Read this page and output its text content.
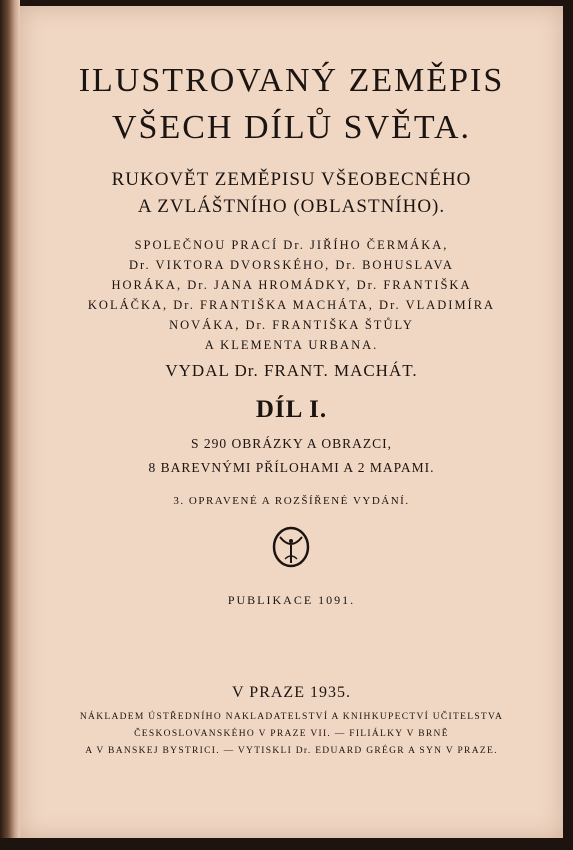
ILUSTROVANÝ ZEMĚPIS
VŠECH DÍLŮ SVĚTA.
RUKOVĚT ZEMĚPISU VŠEOBECNÉHO
A ZVLÁŠTNÍHO (OBLASTNÍHO).
SPOLEČNOU PRACÍ Dr. JIŘÍHO ČERMÁKA,
Dr. VIKTORA DVORSKÉHO, Dr. BOHUSLAVA
HORÁKA, Dr. JANA HROMÁDKY, Dr. FRANTIŠKA
KOLÁČKA, Dr. FRANTIŠKA MACHÁTA, Dr. VLADIMÍRA
NOVÁKA, Dr. FRANTIŠKA ŠTŮLY
A KLEMENTA URBANA.
VYDAL Dr. FRANT. MACHÁT.
DÍL I.
S 290 OBRÁZKY A OBRAZCI,
8 BAREVNÝMI PŘÍLOHAMI A 2 MAPAMI.
3. OPRAVENÉ A ROZŠÍŘENÉ VYDÁNÍ.
PUBLIKACE 1091.
V PRAZE 1935.
NÁKLADEM ÚSTŘEDNÍHO NAKLADATELSTVÍ A KNIHKUPECTVÍ UČITELSTVA
ČESKOSLOVANSKÉHO V PRAZE VII. — FILIÁLKY V BRNĚ
A V BANSKEJ BYSTRICI. — VYTISKLI Dr. EDUARD GRÉGR A SYN V PRAZE.
